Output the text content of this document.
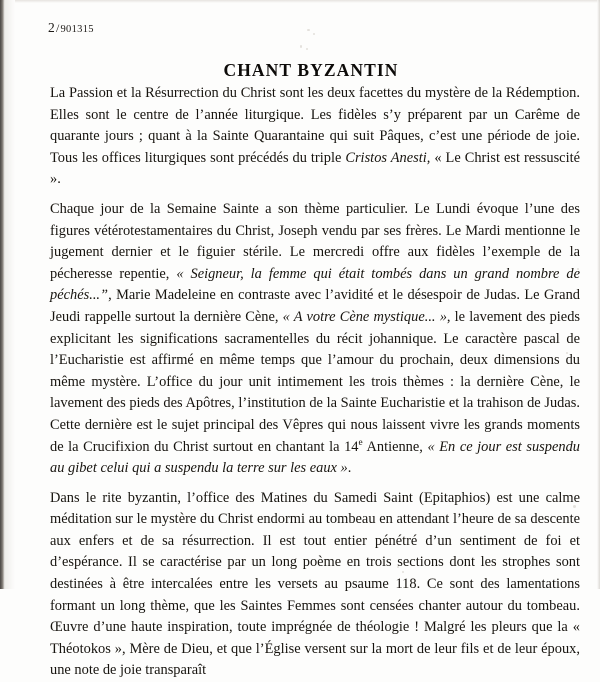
2/901315
CHANT BYZANTIN

La Passion et la Résurrection du Christ sont les deux facettes du mystère de la Rédemption. Elles sont le centre de l’année liturgique. Les fidèles s’y préparent par un Carême de quarante jours ; quant à la Sainte Quarantaine qui suit Pâques, c’est une période de joie. Tous les offices liturgiques sont précédés du triple Cristos Anesti, « Le Christ est ressuscité ».

Chaque jour de la Semaine Sainte a son thème particulier. Le Lundi évoque l’une des figures vétérotestamentaires du Christ, Joseph vendu par ses frères. Le Mardi mentionne le jugement dernier et le figuier stérile. Le mercredi offre aux fidèles l’exemple de la pécheresse repentie, « Seigneur, la femme qui était tombés dans un grand nombre de péchés...”, Marie Madeleine en contraste avec l’avidité et le désespoir de Judas. Le Grand Jeudi rappelle surtout la dernière Cène, « A votre Cène mystique... », le lavement des pieds explicitant les significations sacramentelles du récit johannique. Le caractère pascal de l’Eucharistie est affirmé en même temps que l’amour du prochain, deux dimensions du même mystère. L’office du jour unit intimement les trois thèmes : la dernière Cène, le lavement des pieds des Apôtres, l’institution de la Sainte Eucharistie et la trahison de Judas. Cette dernière est le sujet principal des Vêpres qui nous laissent vivre les grands moments de la Crucifixion du Christ surtout en chantant la 14e Antienne, « En ce jour est suspendu au gibet celui qui a suspendu la terre sur les eaux ».

Dans le rite byzantin, l’office des Matines du Samedi Saint (Epitaphios) est une calme méditation sur le mystère du Christ endormi au tombeau en attendant l’heure de sa descente aux enfers et de sa résurrection. Il est tout entier pénétré d’un sentiment de foi et d’espérance. Il se caractérise par un long poème en trois sections dont les strophes sont destinées à être intercalées entre les versets au psaume 118. Ce sont des lamentations formant un long thème, que les Saintes Femmes sont censées chanter autour du tombeau. Œuvre d’une haute inspiration, toute imprégnée de théologie ! Malgré les pleurs que la « Théotokos », Mère de Dieu, et que l’Église versent sur la mort de leur fils et de leur époux, une note de joie transparaît
